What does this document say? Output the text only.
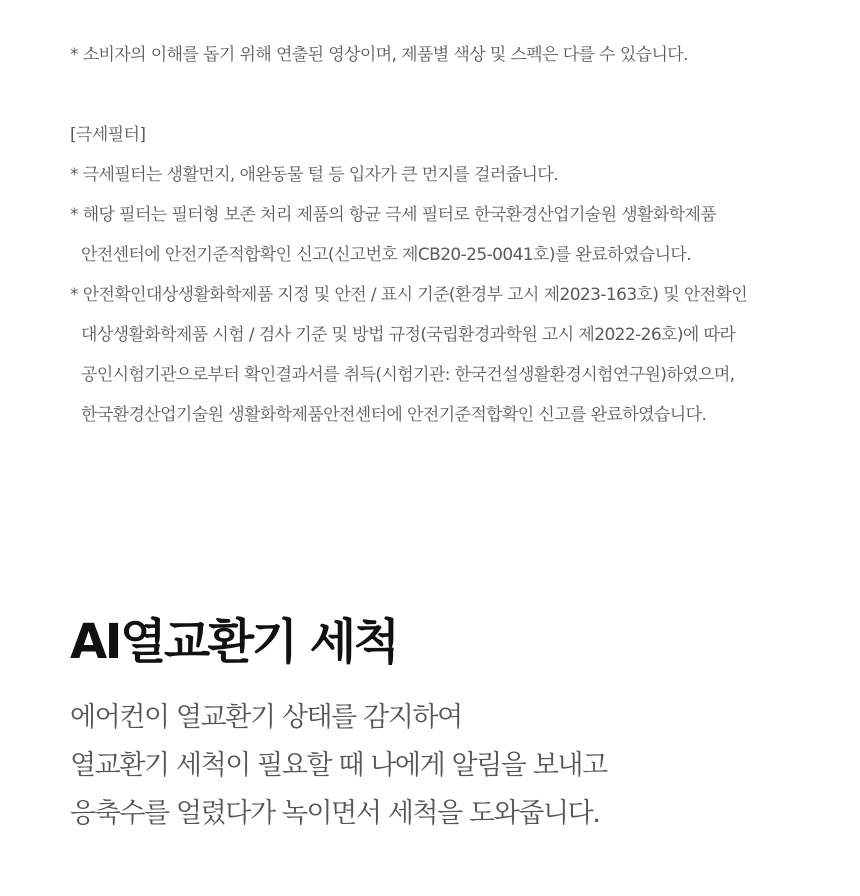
* 소비자의 이해를 돕기 위해 연출된 영상이며, 제품별 색상 및 스펙은 다를 수 있습니다.
[극세필터]
* 극세필터는 생활먼지, 애완동물 털 등 입자가 큰 먼지를 걸러줍니다.
* 해당 필터는 필터형 보존 처리 제품의 항균 극세 필터로 한국환경산업기술원 생활화학제품
안전센터에 안전기준적합확인 신고(신고번호 제CB20-25-0041호)를 완료하였습니다.
* 안전확인대상생활화학제품 지정 및 안전 / 표시 기준(환경부 고시 제2023-163호) 및 안전확인
대상생활화학제품 시험 / 검사 기준 및 방법 규정(국립환경과학원 고시 제2022-26호)에 따라
공인시험기관으로부터 확인결과서를 취득(시험기관: 한국건설생활환경시험연구원)하였으며,
한국환경산업기술원 생활화학제품안전센터에 안전기준적합확인 신고를 완료하였습니다.
AI열교환기 세척
에어컨이 열교환기 상태를 감지하여
열교환기 세척이 필요할 때 나에게 알림을 보내고
응축수를 얼렸다가 녹이면서 세척을 도와줍니다.
